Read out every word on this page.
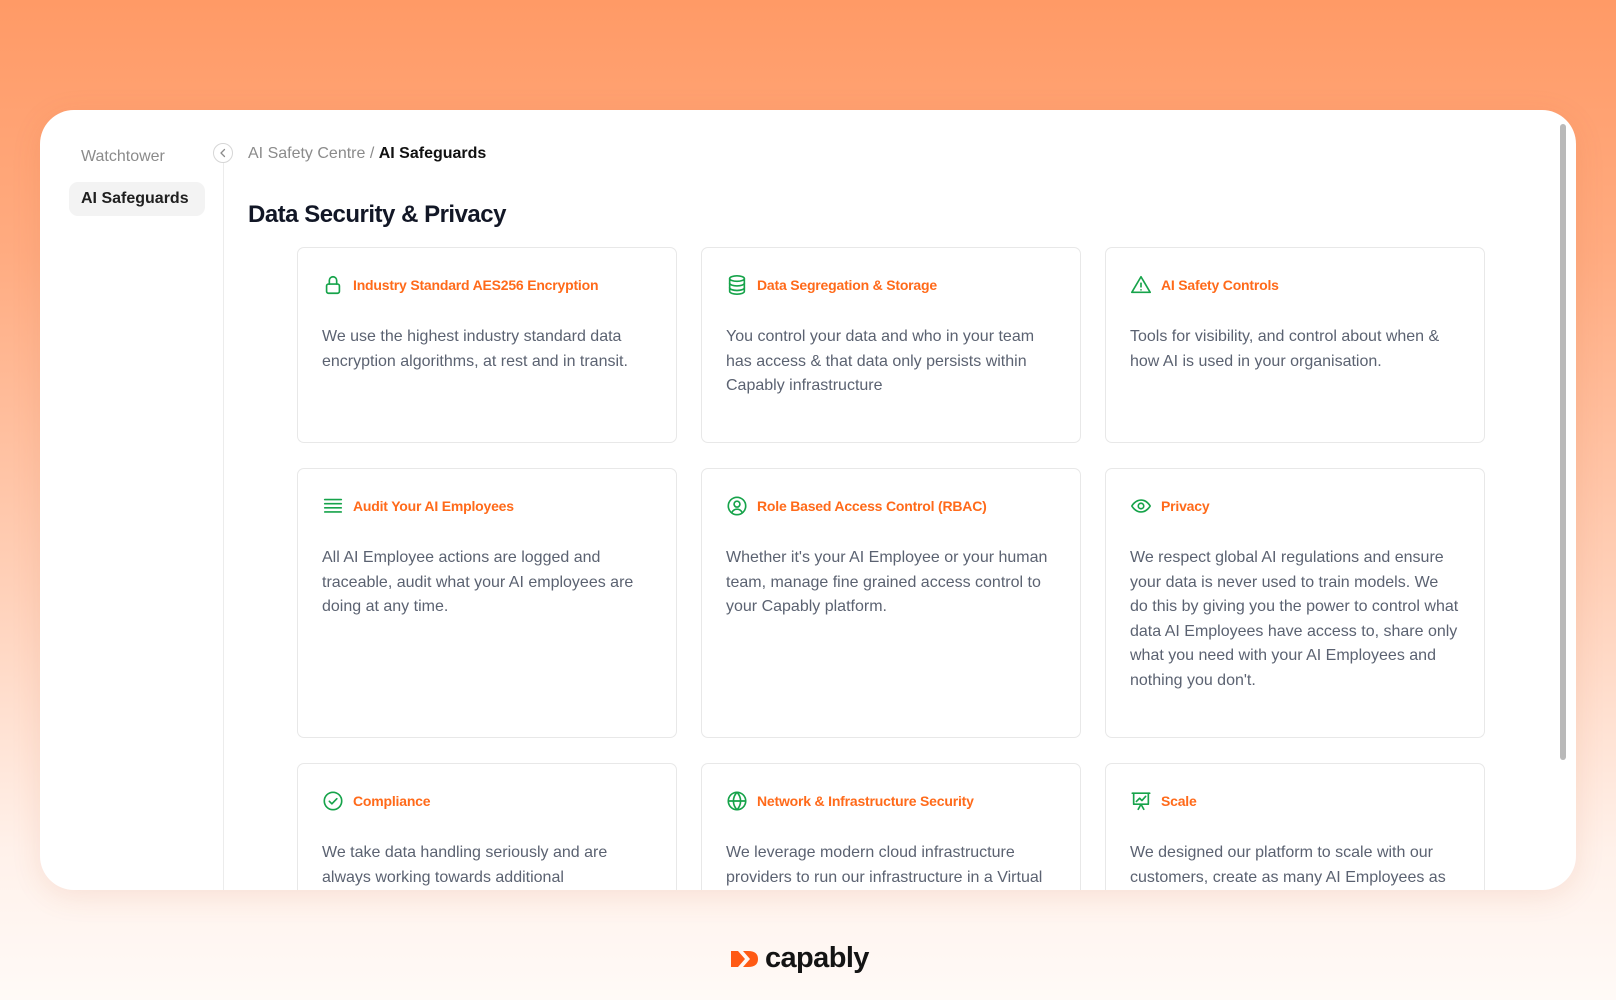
Watchtower
AI Safeguards
AI Safety Centre / AI Safeguards
Data Security & Privacy
Industry Standard AES256 Encryption
We use the highest industry standard data encryption algorithms, at rest and in transit.
Data Segregation & Storage
You control your data and who in your team has access & that data only persists within Capably infrastructure
AI Safety Controls
Tools for visibility, and control about when & how AI is used in your organisation.
Audit Your AI Employees
All AI Employee actions are logged and traceable, audit what your AI employees are doing at any time.
Role Based Access Control (RBAC)
Whether it's your AI Employee or your human team, manage fine grained access control to your Capably platform.
Privacy
We respect global AI regulations and ensure your data is never used to train models. We do this by giving you the power to control what data AI Employees have access to, share only what you need with your AI Employees and nothing you don't.
Compliance
We take data handling seriously and are always working towards additional
Network & Infrastructure Security
We leverage modern cloud infrastructure providers to run our infrastructure in a Virtual
Scale
We designed our platform to scale with our customers, create as many AI Employees as
capably
